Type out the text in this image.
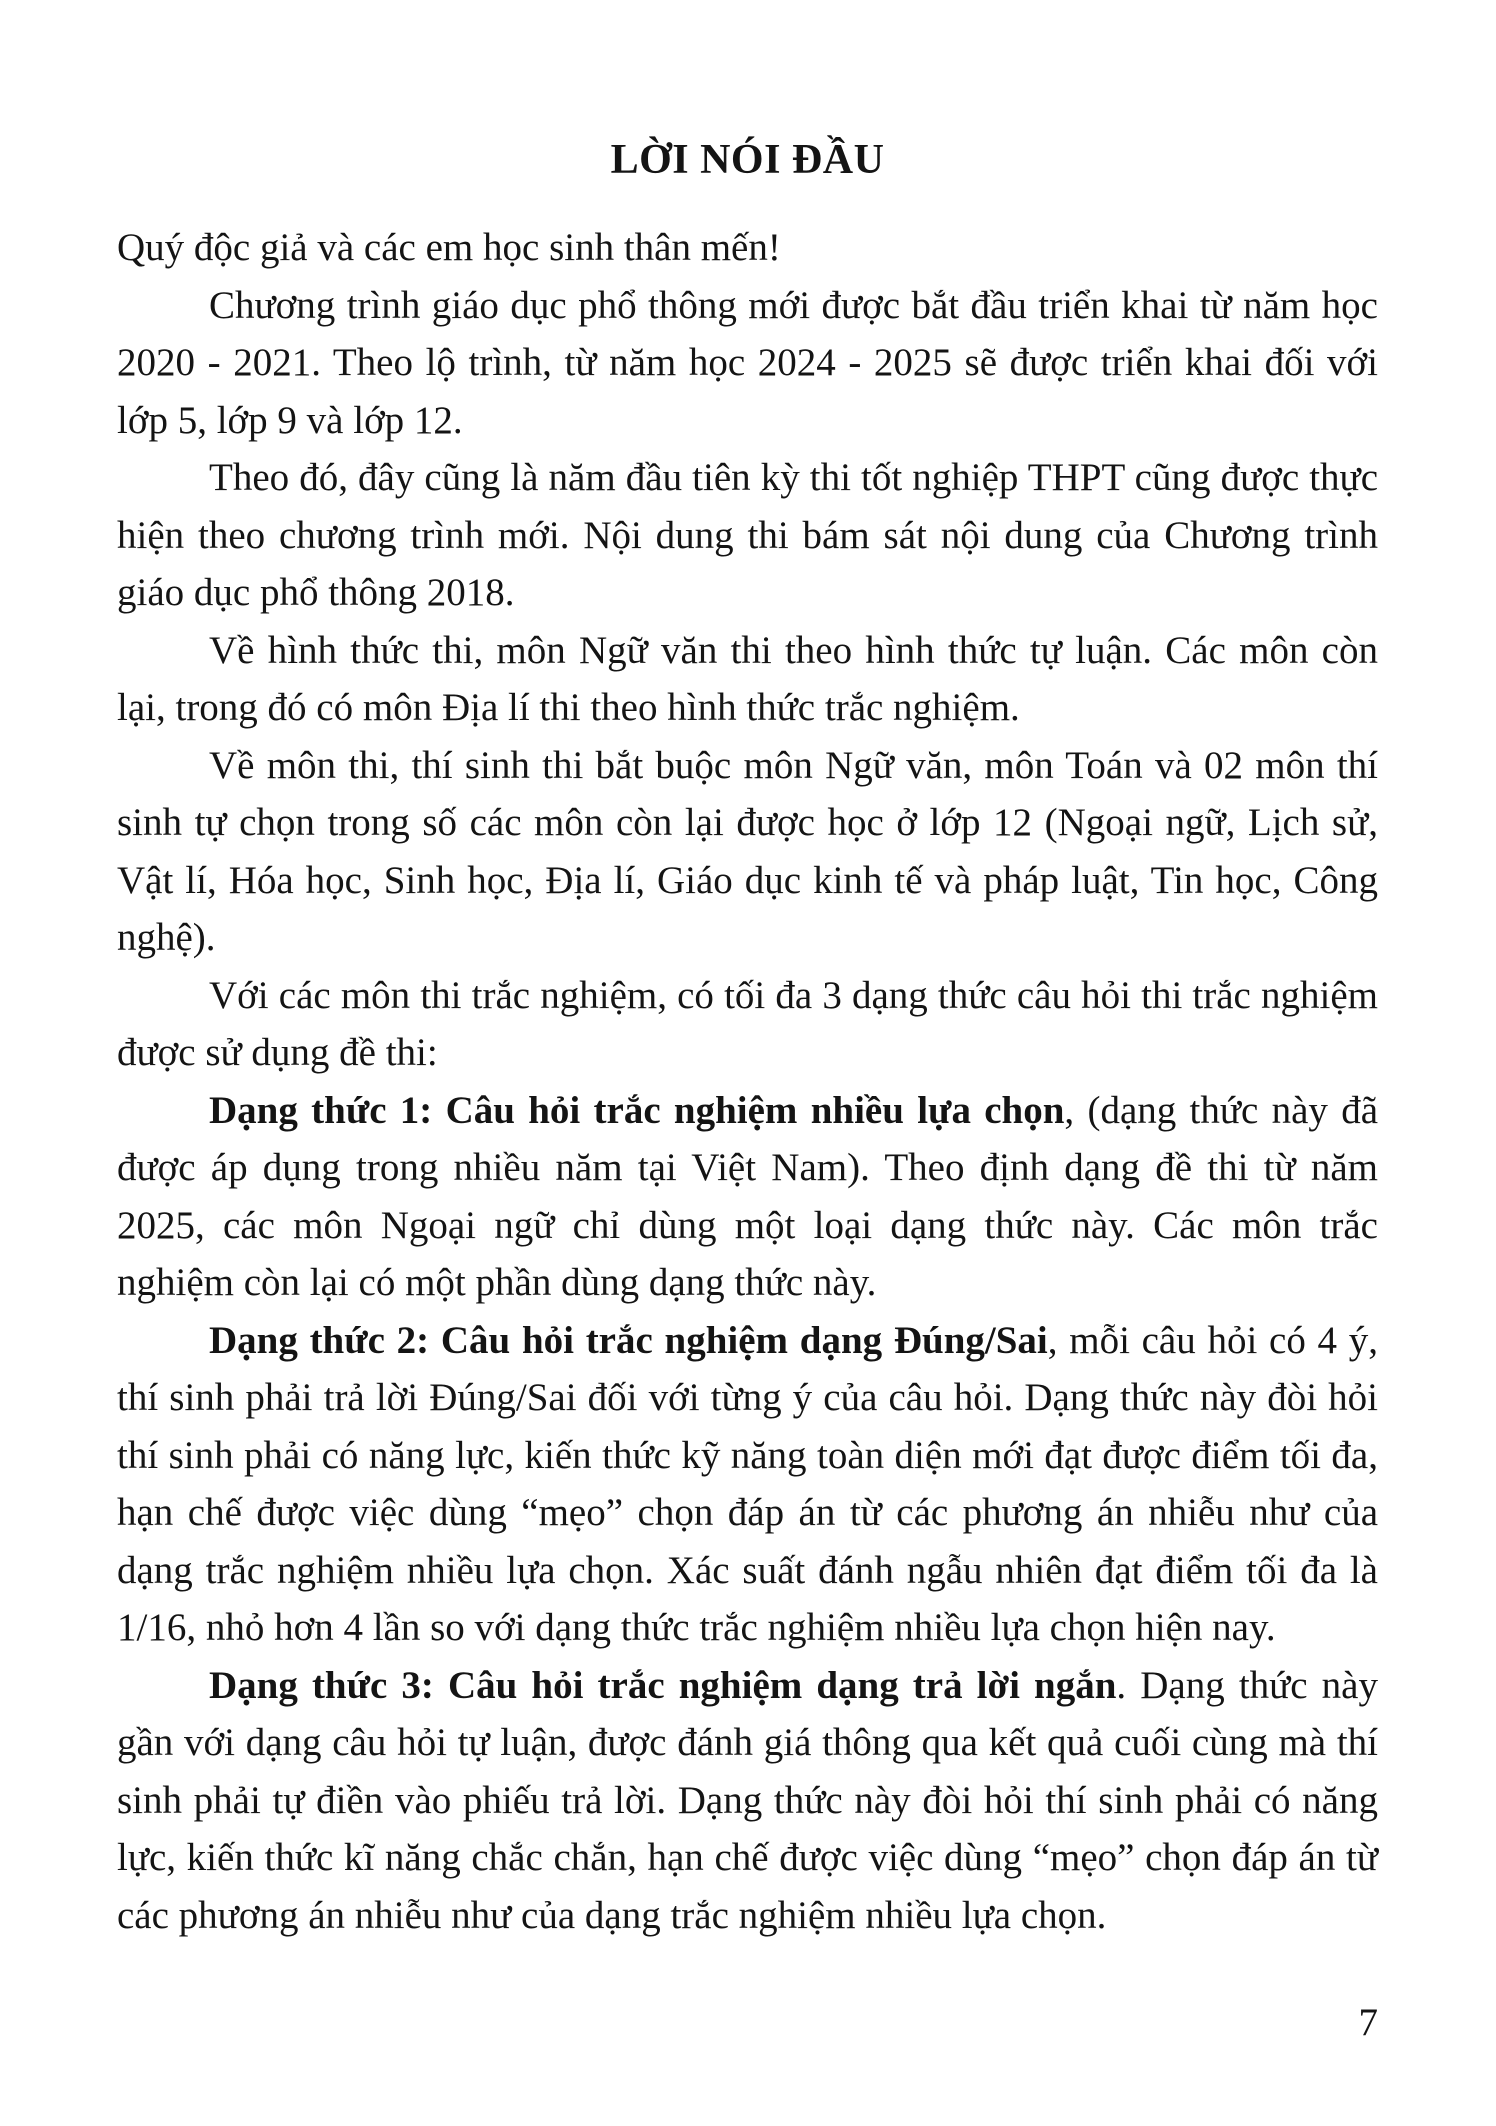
LỜI NÓI ĐẦU

Quý độc giả và các em học sinh thân mến!

Chương trình giáo dục phổ thông mới được bắt đầu triển khai từ năm học 2020 - 2021. Theo lộ trình, từ năm học 2024 - 2025 sẽ được triển khai đối với lớp 5, lớp 9 và lớp 12.

Theo đó, đây cũng là năm đầu tiên kỳ thi tốt nghiệp THPT cũng được thực hiện theo chương trình mới. Nội dung thi bám sát nội dung của Chương trình giáo dục phổ thông 2018.

Về hình thức thi, môn Ngữ văn thi theo hình thức tự luận. Các môn còn lại, trong đó có môn Địa lí thi theo hình thức trắc nghiệm.

Về môn thi, thí sinh thi bắt buộc môn Ngữ văn, môn Toán và 02 môn thí sinh tự chọn trong số các môn còn lại được học ở lớp 12 (Ngoại ngữ, Lịch sử, Vật lí, Hóa học, Sinh học, Địa lí, Giáo dục kinh tế và pháp luật, Tin học, Công nghệ).

Với các môn thi trắc nghiệm, có tối đa 3 dạng thức câu hỏi thi trắc nghiệm được sử dụng đề thi:

Dạng thức 1: Câu hỏi trắc nghiệm nhiều lựa chọn, (dạng thức này đã được áp dụng trong nhiều năm tại Việt Nam). Theo định dạng đề thi từ năm 2025, các môn Ngoại ngữ chỉ dùng một loại dạng thức này. Các môn trắc nghiệm còn lại có một phần dùng dạng thức này.

Dạng thức 2: Câu hỏi trắc nghiệm dạng Đúng/Sai, mỗi câu hỏi có 4 ý, thí sinh phải trả lời Đúng/Sai đối với từng ý của câu hỏi. Dạng thức này đòi hỏi thí sinh phải có năng lực, kiến thức kỹ năng toàn diện mới đạt được điểm tối đa, hạn chế được việc dùng “mẹo” chọn đáp án từ các phương án nhiễu như của dạng trắc nghiệm nhiều lựa chọn. Xác suất đánh ngẫu nhiên đạt điểm tối đa là 1/16, nhỏ hơn 4 lần so với dạng thức trắc nghiệm nhiều lựa chọn hiện nay.

Dạng thức 3: Câu hỏi trắc nghiệm dạng trả lời ngắn. Dạng thức này gần với dạng câu hỏi tự luận, được đánh giá thông qua kết quả cuối cùng mà thí sinh phải tự điền vào phiếu trả lời. Dạng thức này đòi hỏi thí sinh phải có năng lực, kiến thức kĩ năng chắc chắn, hạn chế được việc dùng “mẹo” chọn đáp án từ các phương án nhiễu như của dạng trắc nghiệm nhiều lựa chọn.

7
